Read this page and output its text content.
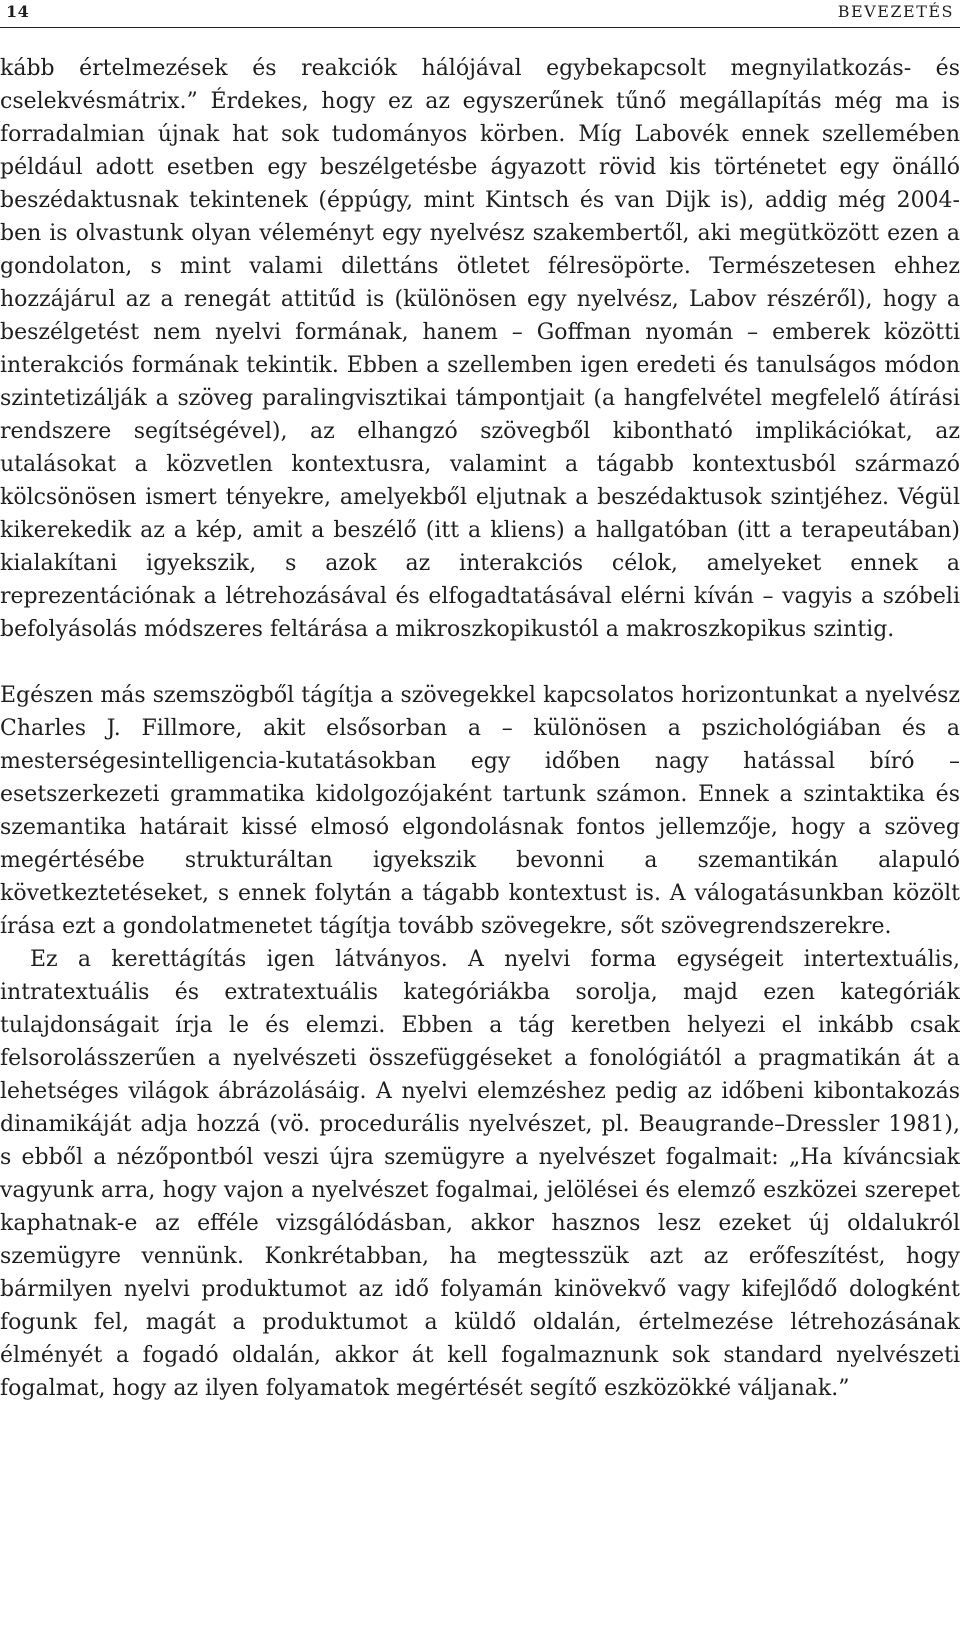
14	BEVEZETÉS

kább értelmezések és reakciók hálójával egybekapcsolt megnyilatkozás- és cselekvésmátrix.” Érdekes, hogy ez az egyszerűnek tűnő megállapítás még ma is forradalmian újnak hat sok tudományos körben. Míg Labovék ennek szellemében például adott esetben egy beszélgetésbe ágyazott rövid kis történetet egy önálló beszédaktusnak tekintenek (éppúgy, mint Kintsch és van Dijk is), addig még 2004-ben is olvastunk olyan véleményt egy nyelvész szakembertől, aki megütközött ezen a gondolaton, s mint valami dilettáns ötletet félresöpörte. Természetesen ehhez hozzájárul az a renegát attitűd is (különösen egy nyelvész, Labov részéről), hogy a beszélgetést nem nyelvi formának, hanem – Goffman nyomán – emberek közötti interakciós formának tekintik. Ebben a szellemben igen eredeti és tanulságos módon szintetizálják a szöveg paralingvisztikai támpontjait (a hangfelvétel megfelelő átírási rendszere segítségével), az elhangzó szövegből kibontható implikációkat, az utalásokat a közvetlen kontextusra, valamint a tágabb kontextusból származó kölcsönösen ismert tényekre, amelyekből eljutnak a beszédaktusok szintjéhez. Végül kikerekedik az a kép, amit a beszélő (itt a kliens) a hallgatóban (itt a terapeutában) kialakítani igyekszik, s azok az interakciós célok, amelyeket ennek a reprezentációnak a létrehozásával és elfogadtatásával elérni kíván – vagyis a szóbeli befolyásolás módszeres feltárása a mikroszkopikustól a makroszkopikus szintig.

Egészen más szemszögből tágítja a szövegekkel kapcsolatos horizontunkat a nyelvész Charles J. Fillmore, akit elsősorban a – különösen a pszichológiában és a mesterségesintelligencia-kutatásokban egy időben nagy hatással bíró – esetszerkezeti grammatika kidolgozójaként tartunk számon. Ennek a szintaktika és szemantika határait kissé elmosó elgondolásnak fontos jellemzője, hogy a szöveg megértésébe strukturáltan igyekszik bevonni a szemantikán alapuló következtetéseket, s ennek folytán a tágabb kontextust is. A válogatásunkban közölt írása ezt a gondolatmenetet tágítja tovább szövegekre, sőt szövegrendszerekre.

Ez a kerettágítás igen látványos. A nyelvi forma egységeit intertextuális, intratextuális és extratextuális kategóriákba sorolja, majd ezen kategóriák tulajdonságait írja le és elemzi. Ebben a tág keretben helyezi el inkább csak felsorolásszerűen a nyelvészeti összefüggéseket a fonológiától a pragmatikán át a lehetséges világok ábrázolásáig. A nyelvi elemzéshez pedig az időbeni kibontakozás dinamikáját adja hozzá (vö. procedurális nyelvészet, pl. Beaugrande–Dressler 1981), s ebből a nézőpontból veszi újra szemügyre a nyelvészet fogalmait: „Ha kíváncsiak vagyunk arra, hogy vajon a nyelvészet fogalmai, jelölései és elemző eszközei szerepet kaphatnak-e az efféle vizsgálódásban, akkor hasznos lesz ezeket új oldalukról szemügyre vennünk. Konkrétabban, ha megtesszük azt az erőfeszítést, hogy bármilyen nyelvi produktumot az idő folyamán kinövekvő vagy kifejlődő dologként fogunk fel, magát a produktumot a küldő oldalán, értelmezése létrehozásának élményét a fogadó oldalán, akkor át kell fogalmaznunk sok standard nyelvészeti fogalmat, hogy az ilyen folyamatok megértését segítő eszközökké váljanak.”
